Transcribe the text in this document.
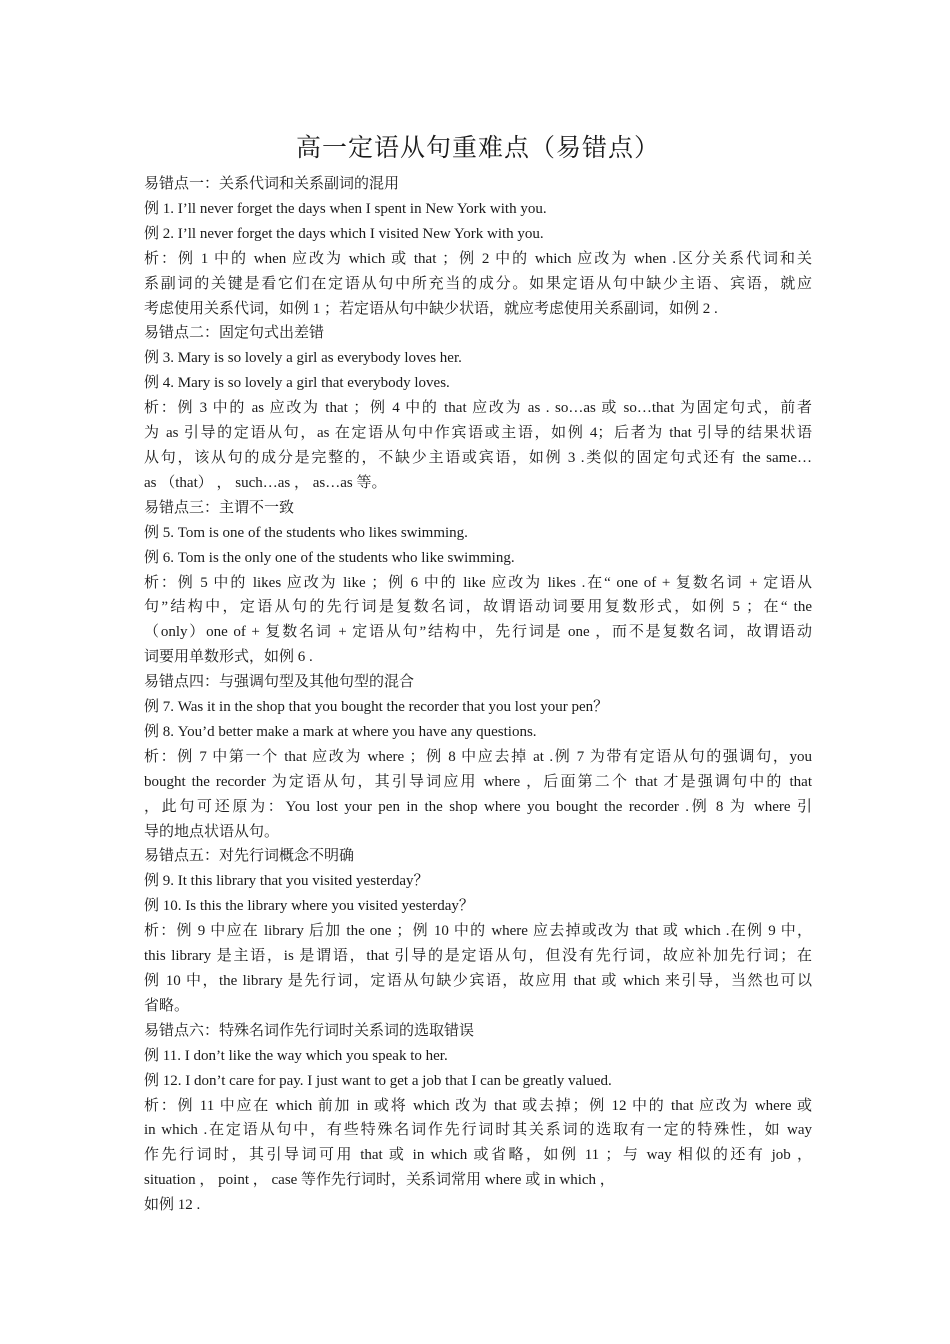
高一定语从句重难点（易错点）
易错点一：关系代词和关系副词的混用
例 1. I’ll never forget the days when I spent in New York with you.
例 2. I’ll never forget the days which I visited New York with you.
析：例 1 中的 when 应改为 which 或 that ；例 2 中的 which 应改为 when .区分关系代词和关
系副词的关键是看它们在定语从句中所充当的成分。如果定语从句中缺少主语、宾语，就应
考虑使用关系代词，如例 1 ；若定语从句中缺少状语，就应考虑使用关系副词，如例 2 .
易错点二：固定句式出差错
例 3. Mary is so lovely a girl as everybody loves her.
例 4. Mary is so lovely a girl that everybody loves.
析：例 3 中的 as 应改为 that ；例 4 中的 that 应改为 as . so…as 或 so…that 为固定句式，前者
为 as 引导的定语从句，as 在定语从句中作宾语或主语，如例 4；后者为 that 引导的结果状语
从句，该从句的成分是完整的，不缺少主语或宾语，如例 3 .类似的固定句式还有 the same…
as （that） ， such…as ， as…as 等。
易错点三：主谓不一致
例 5. Tom is one of the students who likes swimming.
例 6. Tom is the only one of the students who like swimming.
析：例 5 中的 likes 应改为 like ；例 6 中的 like 应改为 likes .在“ one of + 复数名词 + 定语从
句”结构中，定语从句的先行词是复数名词，故谓语动词要用复数形式，如例 5 ；在“ the
（only）one of + 复数名词 + 定语从句”结构中，先行词是 one ，而不是复数名词，故谓语动
词要用单数形式，如例 6 .
易错点四：与强调句型及其他句型的混合
例 7. Was it in the shop that you bought the recorder that you lost your pen？
例 8. You’d better make a mark at where you have any questions.
析：例 7 中第一个 that 应改为 where ；例 8 中应去掉 at .例 7 为带有定语从句的强调句，you
bought the recorder 为定语从句，其引导词应用 where ，后面第二个 that 才是强调句中的 that
，此句可还原为：You lost your pen in the shop where you bought the recorder .例 8 为 where 引
导的地点状语从句。
易错点五：对先行词概念不明确
例 9. It this library that you visited yesterday？
例 10. Is this the library where you visited yesterday？
析：例 9 中应在 library 后加 the one ；例 10 中的 where 应去掉或改为 that 或 which .在例 9 中，
this library 是主语，is 是谓语，that 引导的是定语从句，但没有先行词，故应补加先行词；在
例 10 中，the library 是先行词，定语从句缺少宾语，故应用 that 或 which 来引导，当然也可以
省略。
易错点六：特殊名词作先行词时关系词的选取错误
例 11. I don’t like the way which you speak to her.
例 12. I don’t care for pay. I just want to get a job that I can be greatly valued.
析：例 11 中应在 which 前加 in 或将 which 改为 that 或去掉；例 12 中的 that 应改为 where 或
in which .在定语从句中，有些特殊名词作先行词时其关系词的选取有一定的特殊性，如 way
作先行词时，其引导词可用 that 或 in which 或省略，如例 11 ；与 way 相似的还有 job ，
situation ， point ， case 等作先行词时，关系词常用 where 或 in which ，
如例 12 .
